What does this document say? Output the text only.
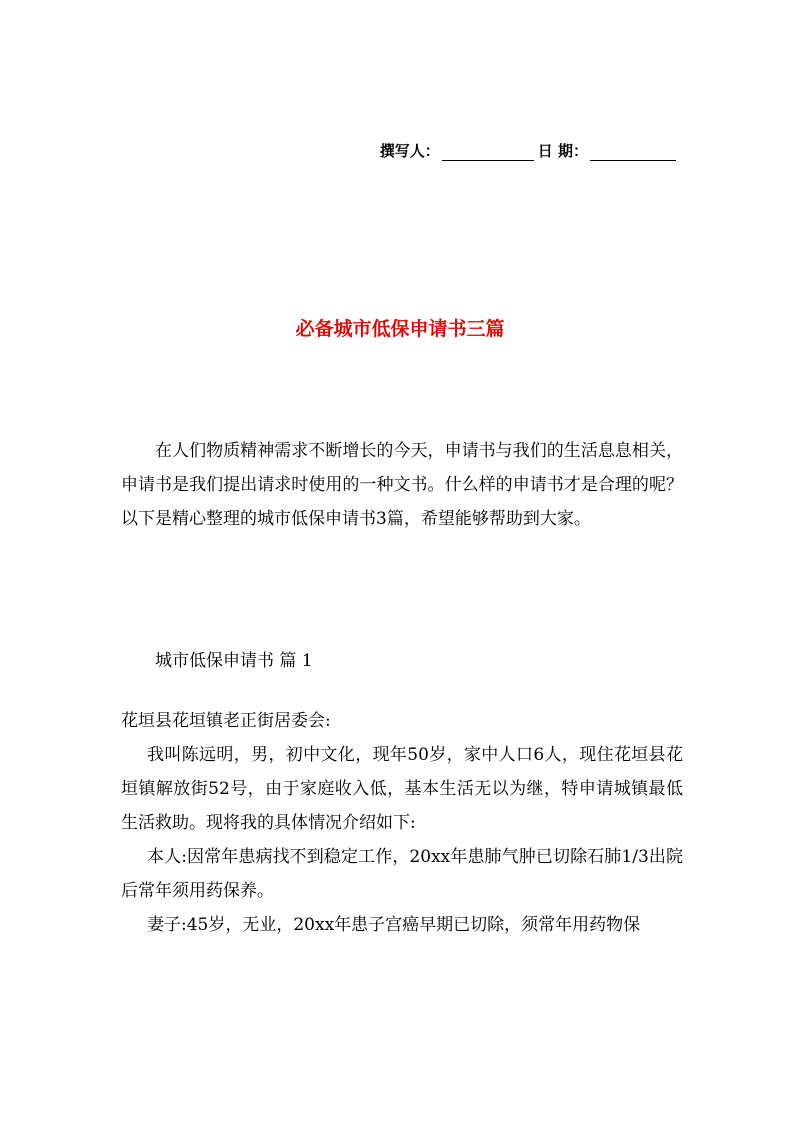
撰写人：	日 期：
必备城市低保申请书三篇
在人们物质精神需求不断增长的今天，申请书与我们的生活息息相关，申请书是我们提出请求时使用的一种文书。什么样的申请书才是合理的呢？以下是精心整理的城市低保申请书3篇，希望能够帮助到大家。
城市低保申请书 篇 1

花垣县花垣镇老正街居委会:

我叫陈远明，男，初中文化，现年50岁，家中人口6人，现住花垣县花垣镇解放街52号，由于家庭收入低，基本生活无以为继，特申请城镇最低生活救助。现将我的具体情况介绍如下:

本人:因常年患病找不到稳定工作，20xx年患肺气肿已切除石肺1/3出院后常年须用药保养。

妻子:45岁，无业，20xx年患子宫癌早期已切除，须常年用药物保
